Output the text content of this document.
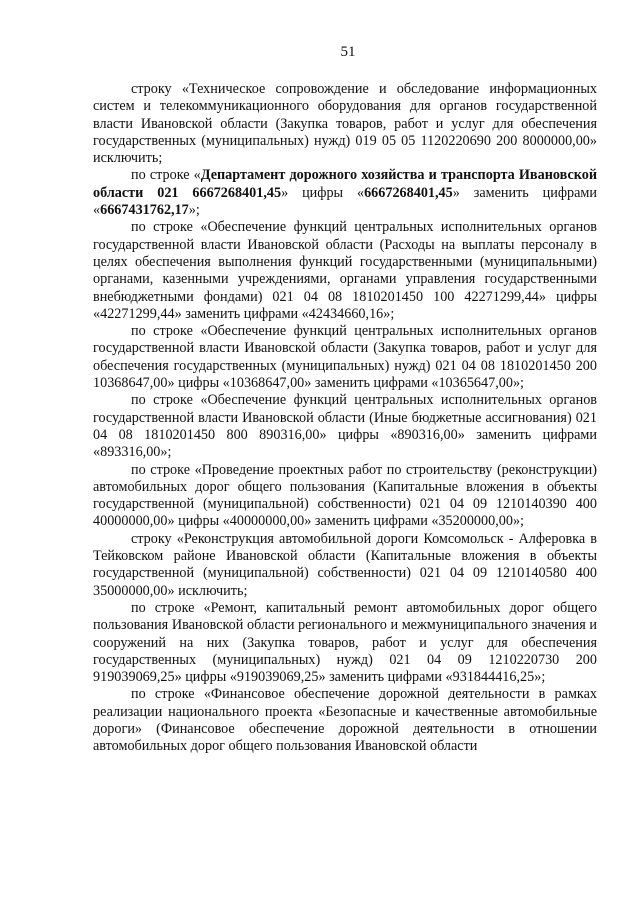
51

строку «Техническое сопровождение и обследование информационных систем и телекоммуникационного оборудования для органов государственной власти Ивановской области (Закупка товаров, работ и услуг для обеспечения государственных (муниципальных) нужд) 019 05 05 1120220690 200 8000000,00» исключить;

по строке «Департамент дорожного хозяйства и транспорта Ивановской области 021 6667268401,45» цифры «6667268401,45» заменить цифрами «6667431762,17»;

по строке «Обеспечение функций центральных исполнительных органов государственной власти Ивановской области (Расходы на выплаты персоналу в целях обеспечения выполнения функций государственными (муниципальными) органами, казенными учреждениями, органами управления государственными внебюджетными фондами) 021 04 08 1810201450 100 42271299,44» цифры «42271299,44» заменить цифрами «42434660,16»;

по строке «Обеспечение функций центральных исполнительных органов государственной власти Ивановской области (Закупка товаров, работ и услуг для обеспечения государственных (муниципальных) нужд) 021 04 08 1810201450 200 10368647,00» цифры «10368647,00» заменить цифрами «10365647,00»;

по строке «Обеспечение функций центральных исполнительных органов государственной власти Ивановской области (Иные бюджетные ассигнования) 021 04 08 1810201450 800 890316,00» цифры «890316,00» заменить цифрами «893316,00»;

по строке «Проведение проектных работ по строительству (реконструкции) автомобильных дорог общего пользования (Капитальные вложения в объекты государственной (муниципальной) собственности) 021 04 09 1210140390 400 40000000,00» цифры «40000000,00» заменить цифрами «35200000,00»;

строку «Реконструкция автомобильной дороги Комсомольск - Алферовка в Тейковском районе Ивановской области (Капитальные вложения в объекты государственной (муниципальной) собственности) 021 04 09 1210140580 400 35000000,00» исключить;

по строке «Ремонт, капитальный ремонт автомобильных дорог общего пользования Ивановской области регионального и межмуниципального значения и сооружений на них (Закупка товаров, работ и услуг для обеспечения государственных (муниципальных) нужд) 021 04 09 1210220730 200 919039069,25» цифры «919039069,25» заменить цифрами «931844416,25»;

по строке «Финансовое обеспечение дорожной деятельности в рамках реализации национального проекта «Безопасные и качественные автомобильные дороги» (Финансовое обеспечение дорожной деятельности в отношении автомобильных дорог общего пользования Ивановской области
